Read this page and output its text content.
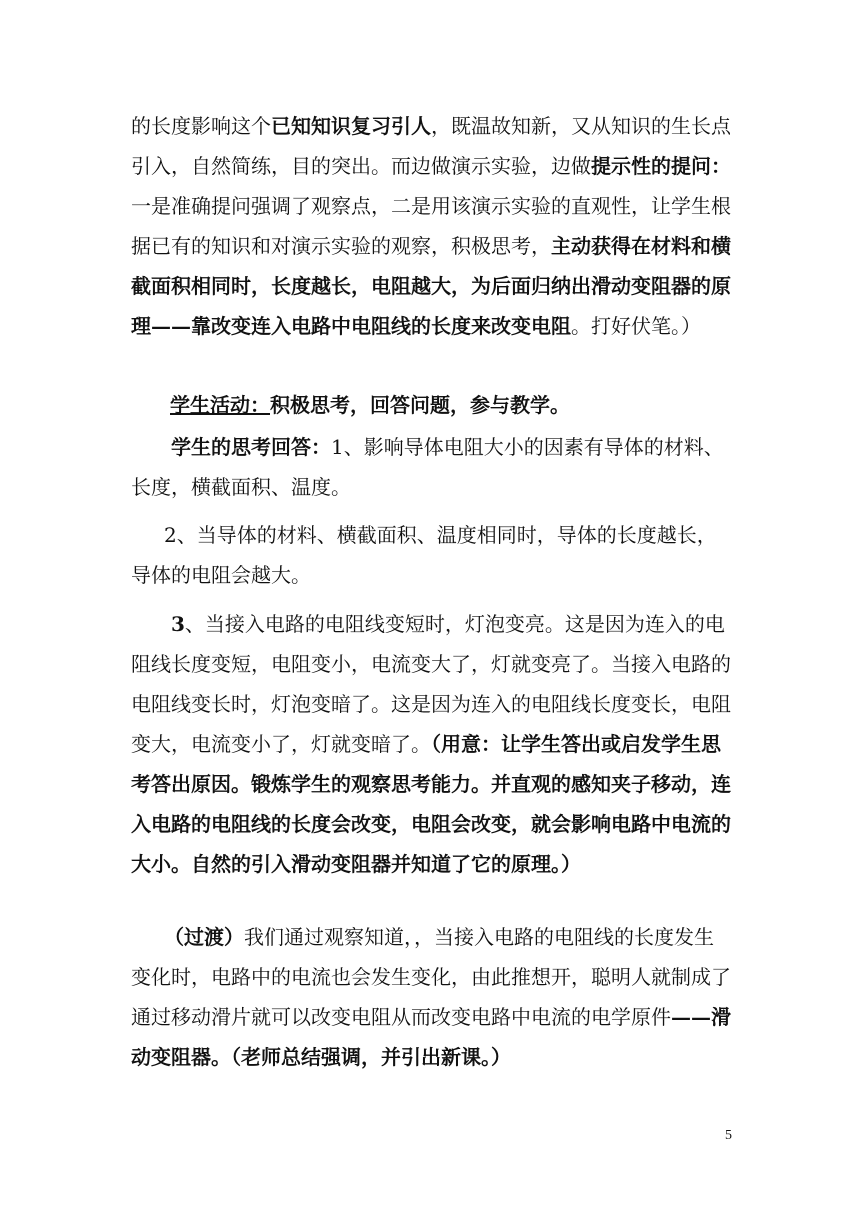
的长度影响这个已知知识复习引人，既温故知新，又从知识的生长点引入，自然简练，目的突出。而边做演示实验，边做提示性的提问：一是准确提问强调了观察点，二是用该演示实验的直观性，让学生根据已有的知识和对演示实验的观察，积极思考，主动获得在材料和横截面积相同时，长度越长，电阻越大，为后面归纳出滑动变阻器的原理——靠改变连入电路中电阻线的长度来改变电阻。打好伏笔。）

学生活动：积极思考，回答问题，参与教学。

学生的思考回答：1、影响导体电阻大小的因素有导体的材料、长度，横截面积、温度。

2、当导体的材料、横截面积、温度相同时，导体的长度越长，导体的电阻会越大。

3、当接入电路的电阻线变短时，灯泡变亮。这是因为连入的电阻线长度变短，电阻变小，电流变大了，灯就变亮了。当接入电路的电阻线变长时，灯泡变暗了。这是因为连入的电阻线长度变长，电阻变大，电流变小了，灯就变暗了。（用意：让学生答出或启发学生思考答出原因。锻炼学生的观察思考能力。并直观的感知夹子移动，连入电路的电阻线的长度会改变，电阻会改变，就会影响电路中电流的大小。自然的引入滑动变阻器并知道了它的原理。）

（过渡）我们通过观察知道，，当接入电路的电阻线的长度发生变化时，电路中的电流也会发生变化，由此推想开，聪明人就制成了通过移动滑片就可以改变电阻从而改变电路中电流的电学原件——滑动变阻器。（老师总结强调，并引出新课。）

5
